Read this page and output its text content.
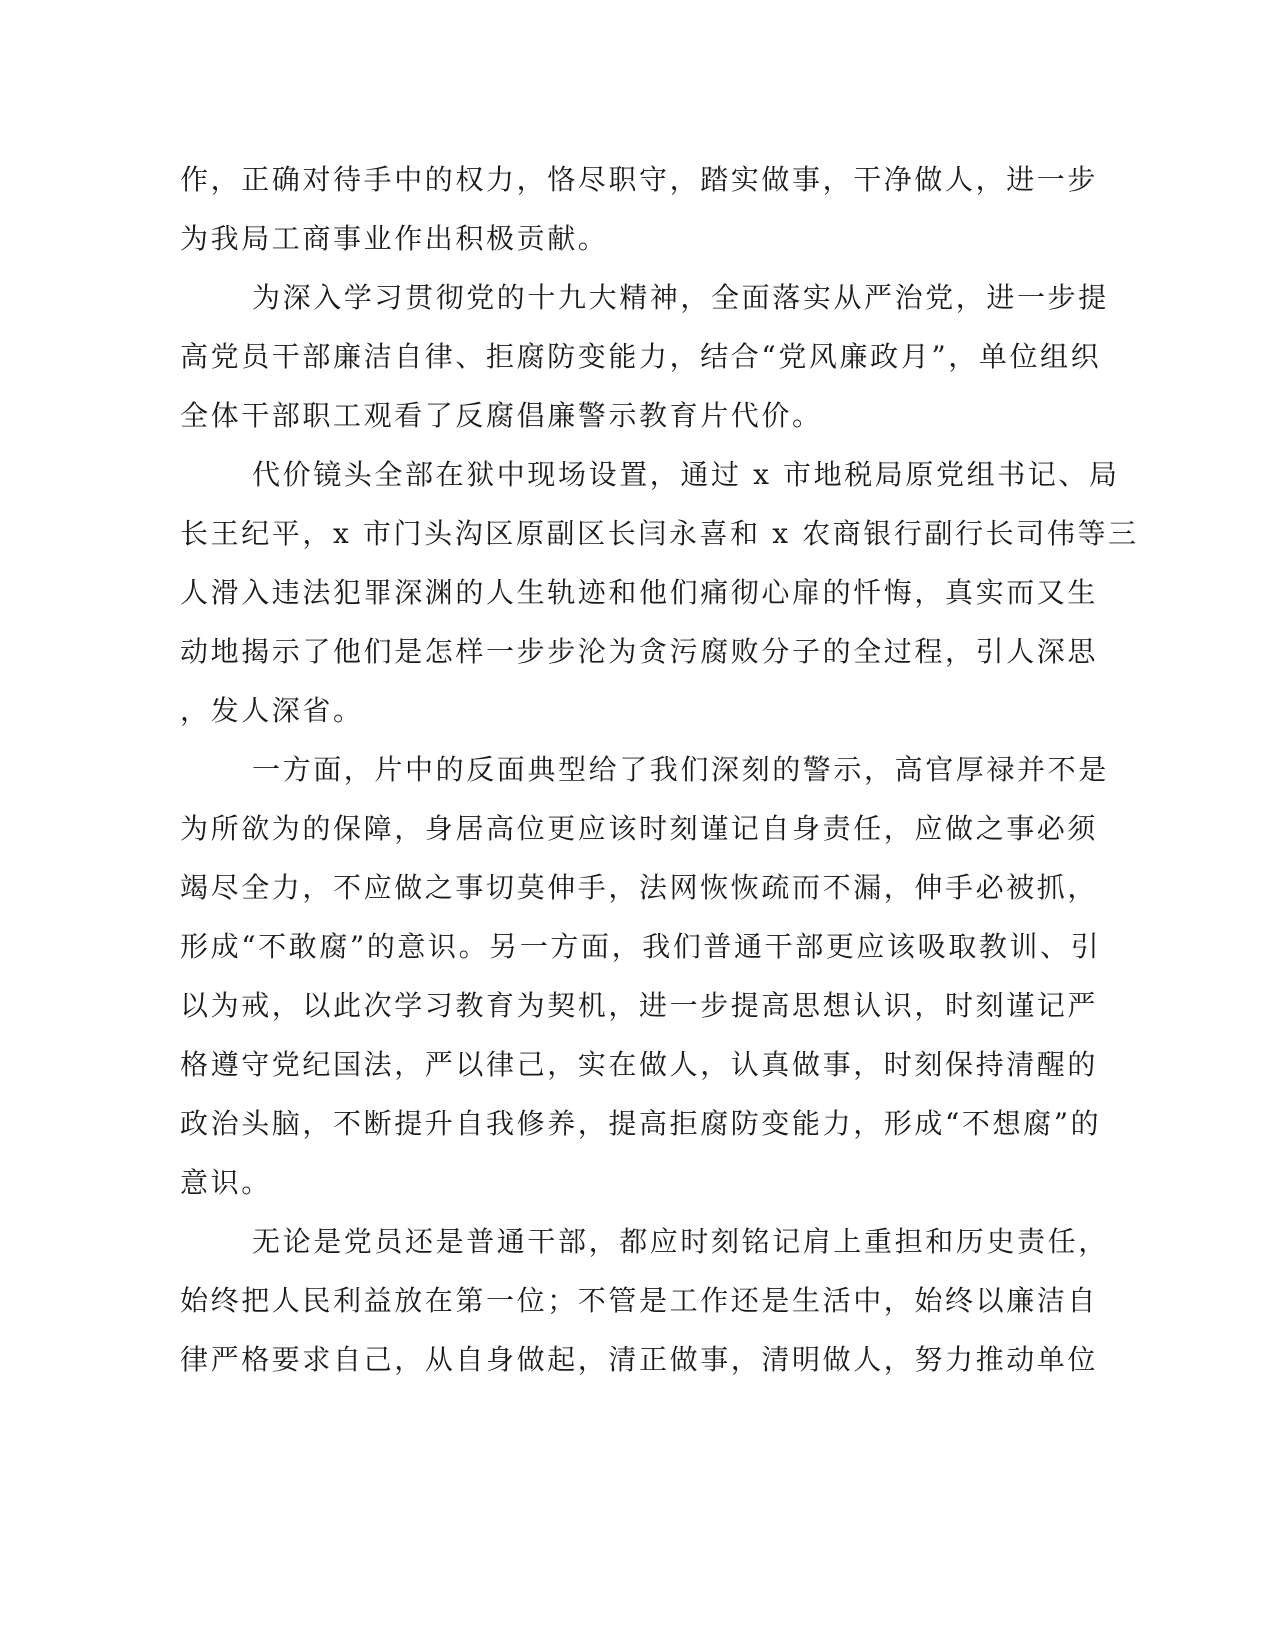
作，正确对待手中的权力，恪尽职守，踏实做事，干净做人，进一步
为我局工商事业作出积极贡献。
为深入学习贯彻党的十九大精神，全面落实从严治党，进一步提
高党员干部廉洁自律、拒腐防变能力，结合“党风廉政月”，单位组织
全体干部职工观看了反腐倡廉警示教育片代价。
代价镜头全部在狱中现场设置，通过 x 市地税局原党组书记、局
长王纪平，x 市门头沟区原副区长闫永喜和 x 农商银行副行长司伟等三
人滑入违法犯罪深渊的人生轨迹和他们痛彻心扉的忏悔，真实而又生
动地揭示了他们是怎样一步步沦为贪污腐败分子的全过程，引人深思
，发人深省。
一方面，片中的反面典型给了我们深刻的警示，高官厚禄并不是
为所欲为的保障，身居高位更应该时刻谨记自身责任，应做之事必须
竭尽全力，不应做之事切莫伸手，法网恢恢疏而不漏，伸手必被抓，
形成“不敢腐”的意识。另一方面，我们普通干部更应该吸取教训、引
以为戒，以此次学习教育为契机，进一步提高思想认识，时刻谨记严
格遵守党纪国法，严以律己，实在做人，认真做事，时刻保持清醒的
政治头脑，不断提升自我修养，提高拒腐防变能力，形成“不想腐”的
意识。
无论是党员还是普通干部，都应时刻铭记肩上重担和历史责任，
始终把人民利益放在第一位；不管是工作还是生活中，始终以廉洁自
律严格要求自己，从自身做起，清正做事，清明做人，努力推动单位
